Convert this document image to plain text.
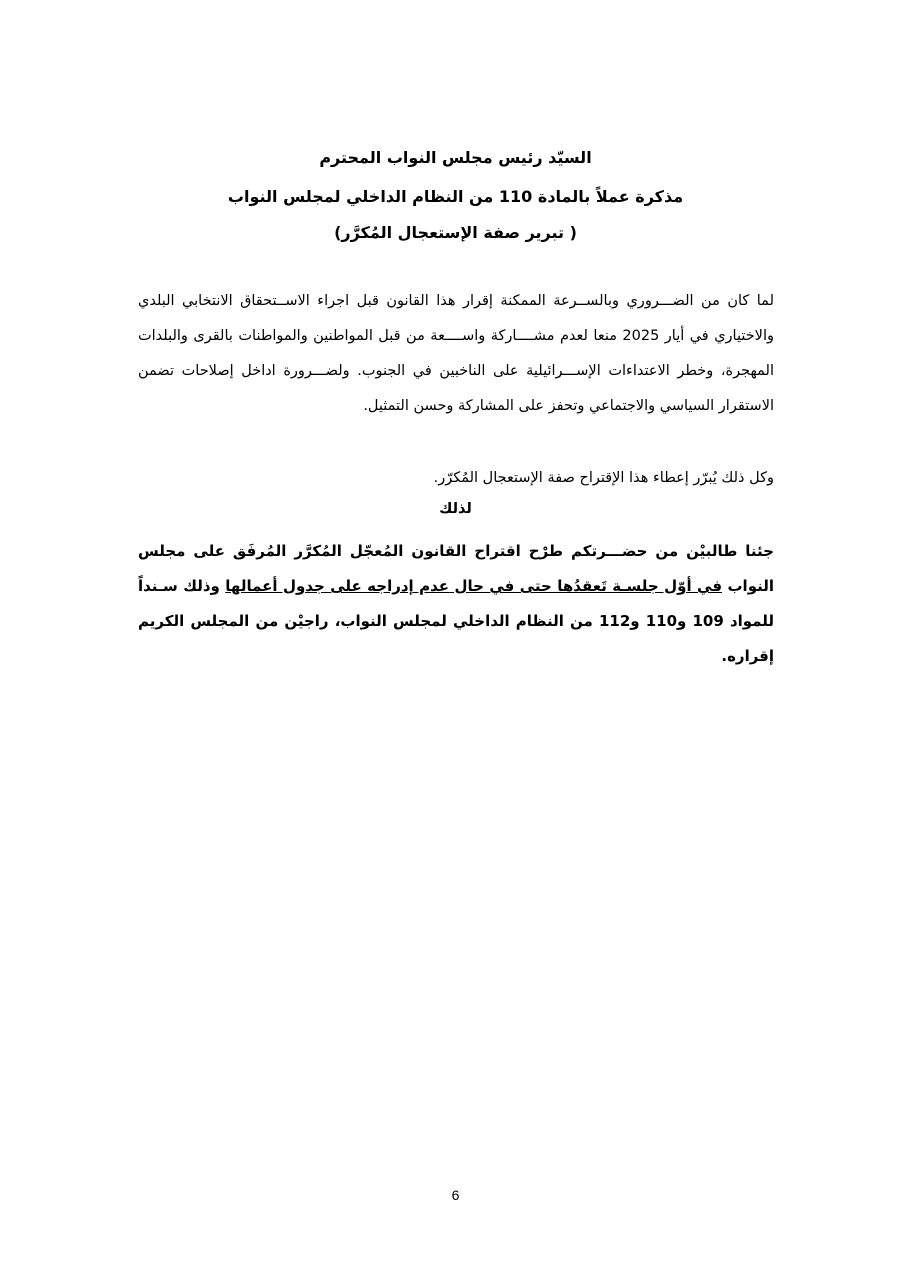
السيّد رئيس مجلس النواب المحترم
مذكرة عملاً بالمادة 110 من النظام الداخلي لمجلس النواب
( تبرير صفة الإستعجال المُكرَّر)
لما كان من الضـــروري وبالســرعة الممكنة إقرار هذا القانون قبل اجراء الاســتحقاق الانتخابي البلدي والاختياري في أيار 2025 منعا لعدم مشــــاركة واســــعة من قبل المواطنين والمواطنات بالقرى والبلدات المهجرة، وخطر الاعتداءات الإســـرائيلية على الناخبين في الجنوب. ولضـــرورة اداخل إصلاحات تضمن الاستقرار السياسي والاجتماعي وتحفز على المشاركة وحسن التمثيل.
وكل ذلك يُبرّر إعطاء هذا الإقتراح صفة الإستعجال المُكرّر.
لذلك
جئنا طالبيْن من حضـــرتكم طرْح اقتراح القانون المُعجّل المُكرَّر المُرفَق على مجلس النواب في أوّل جلسـة تَعقدُها حتى في حال عدم إدراجه على جدول أعمالها وذلك سـنداً للمواد 109 و110 و112 من النظام الداخلي لمجلس النواب، راجيْن من المجلس الكريم إقراره.
6
